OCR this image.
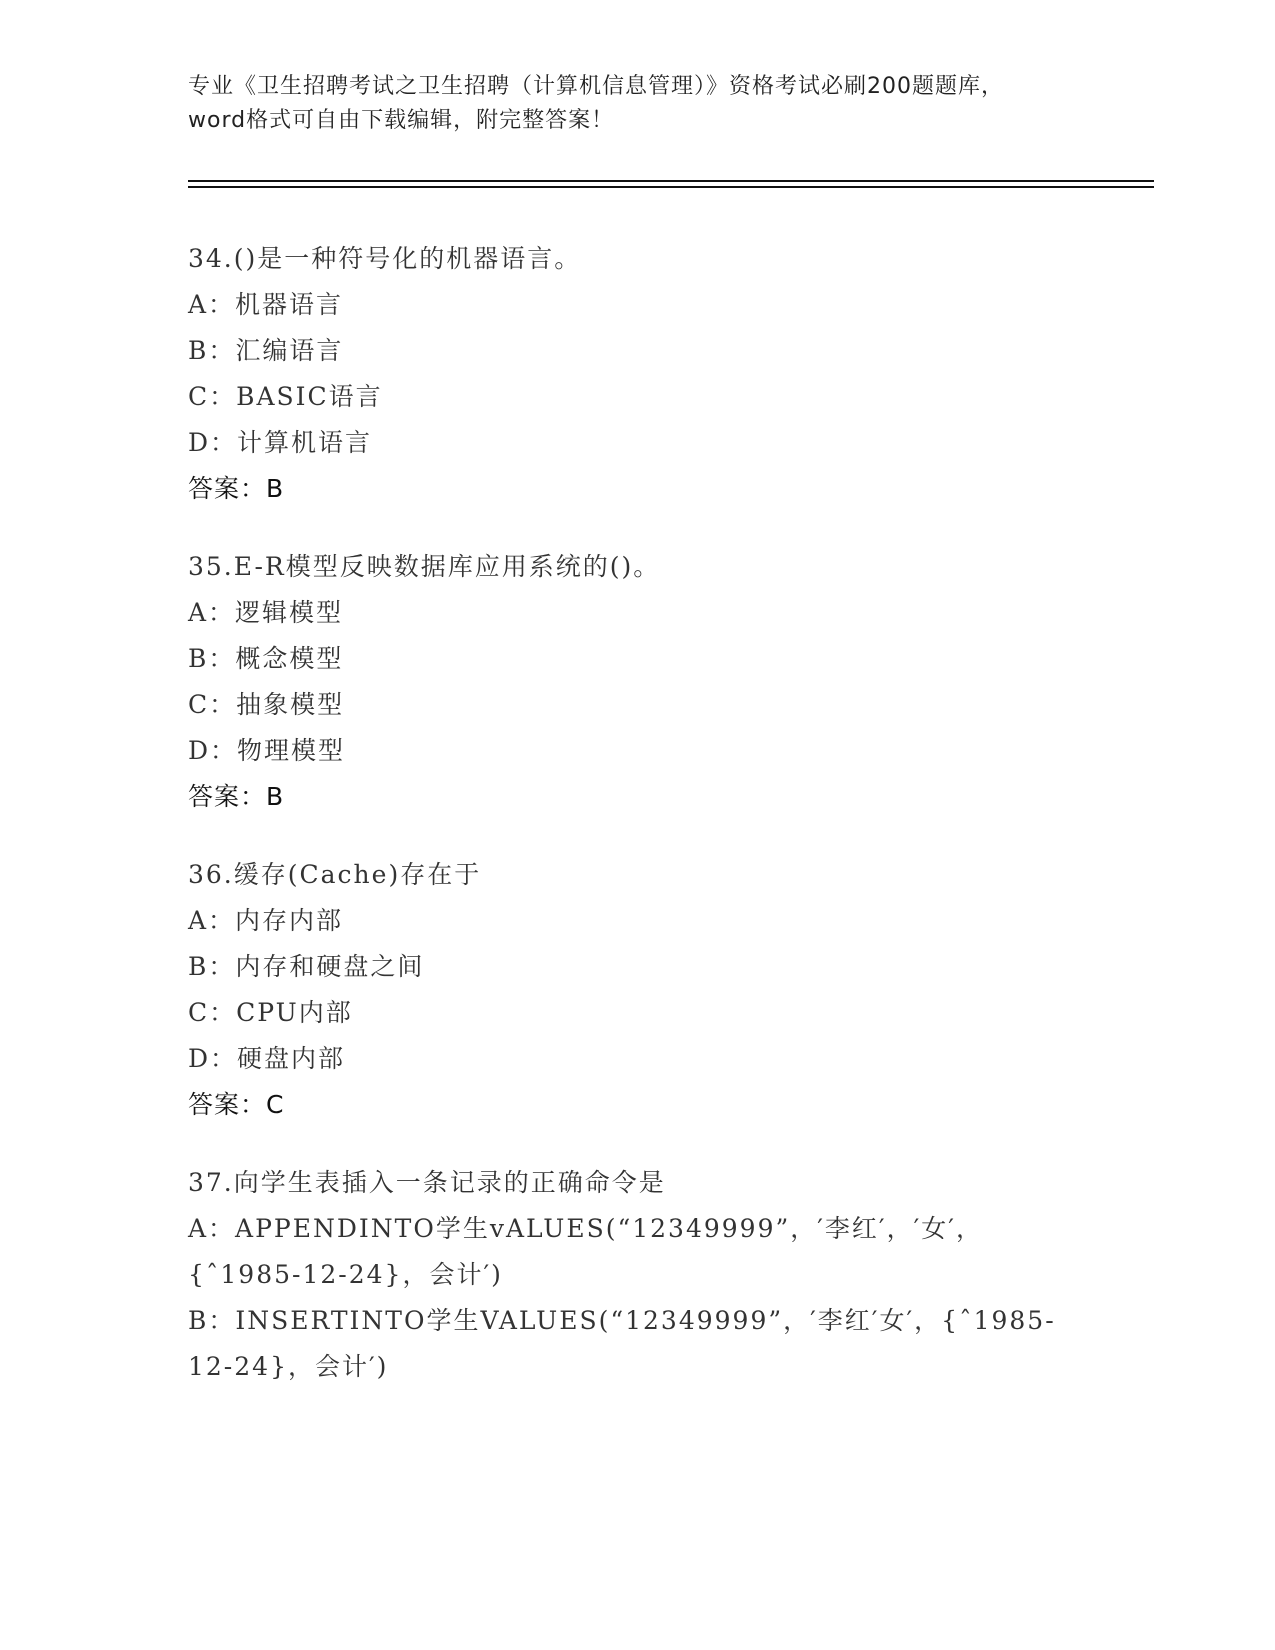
专业《卫生招聘考试之卫生招聘（计算机信息管理）》资格考试必刷200题题库，
word格式可自由下载编辑，附完整答案！
34.()是一种符号化的机器语言。
A：机器语言
B：汇编语言
C：BASIC语言
D：计算机语言
答案：B
35.E-R模型反映数据库应用系统的()。
A：逻辑模型
B：概念模型
C：抽象模型
D：物理模型
答案：B
36.缓存(Cache)存在于
A：内存内部
B：内存和硬盘之间
C：CPU内部
D：硬盘内部
答案：C
37.向学生表插入一条记录的正确命令是
A：APPENDINTO学生vALUES(“12349999”，′李红′，′女′，
{ˆ1985-12-24}，会计′)
B：INSERTINTO学生VALUES(“12349999”，′李红′女′，{ˆ1985-
12-24}，会计′)
